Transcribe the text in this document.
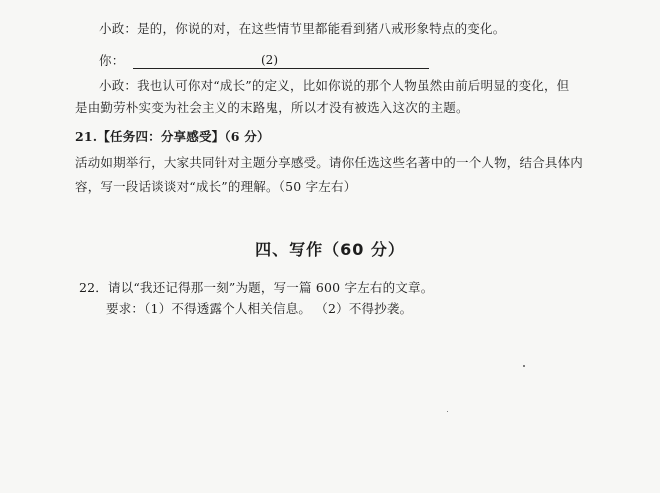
小政：是的，你说的对，在这些情节里都能看到猪八戒形象特点的变化。
你：	(2)
小政：我也认可你对“成长”的定义，比如你说的那个人物虽然由前后明显的变化，但
是由勤劳朴实变为社会主义的末路鬼，所以才没有被选入这次的主题。
21.【任务四：分享感受】（6 分）
活动如期举行，大家共同针对主题分享感受。请你任选这些名著中的一个人物，结合具体内
容，写一段话谈谈对“成长”的理解。（50 字左右）
四、写作（60 分）
22．请以“我还记得那一刻”为题，写一篇 600 字左右的文章。
要求：（1）不得透露个人相关信息。 （2）不得抄袭。
